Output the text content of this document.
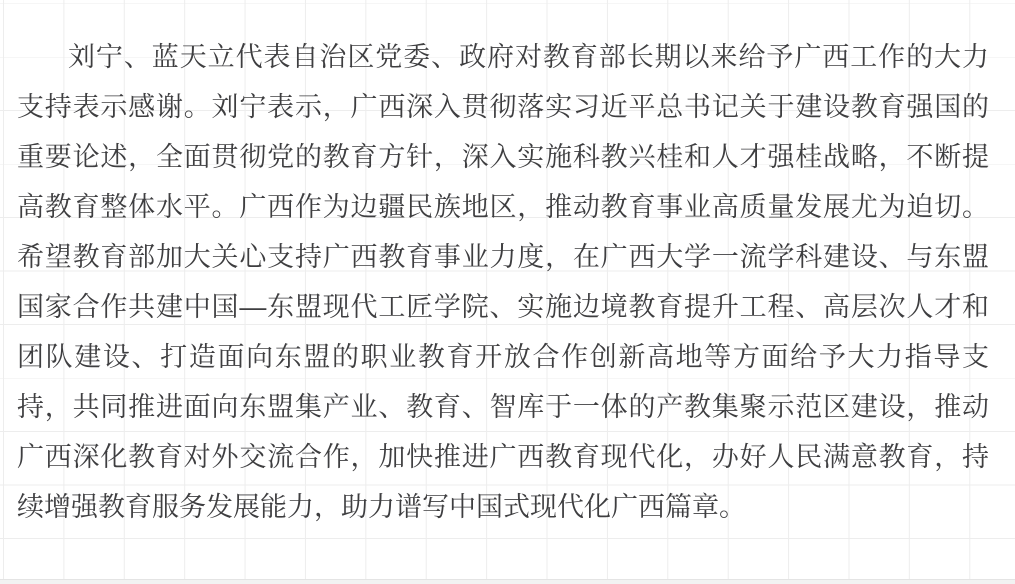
刘宁、蓝天立代表自治区党委、政府对教育部长期以来给予广西工作的大力
支持表示感谢。刘宁表示，广西深入贯彻落实习近平总书记关于建设教育强国的
重要论述，全面贯彻党的教育方针，深入实施科教兴桂和人才强桂战略，不断提
高教育整体水平。广西作为边疆民族地区，推动教育事业高质量发展尤为迫切。
希望教育部加大关心支持广西教育事业力度，在广西大学一流学科建设、与东盟
国家合作共建中国—东盟现代工匠学院、实施边境教育提升工程、高层次人才和
团队建设、打造面向东盟的职业教育开放合作创新高地等方面给予大力指导支
持，共同推进面向东盟集产业、教育、智库于一体的产教集聚示范区建设，推动
广西深化教育对外交流合作，加快推进广西教育现代化，办好人民满意教育，持
续增强教育服务发展能力，助力谱写中国式现代化广西篇章。
